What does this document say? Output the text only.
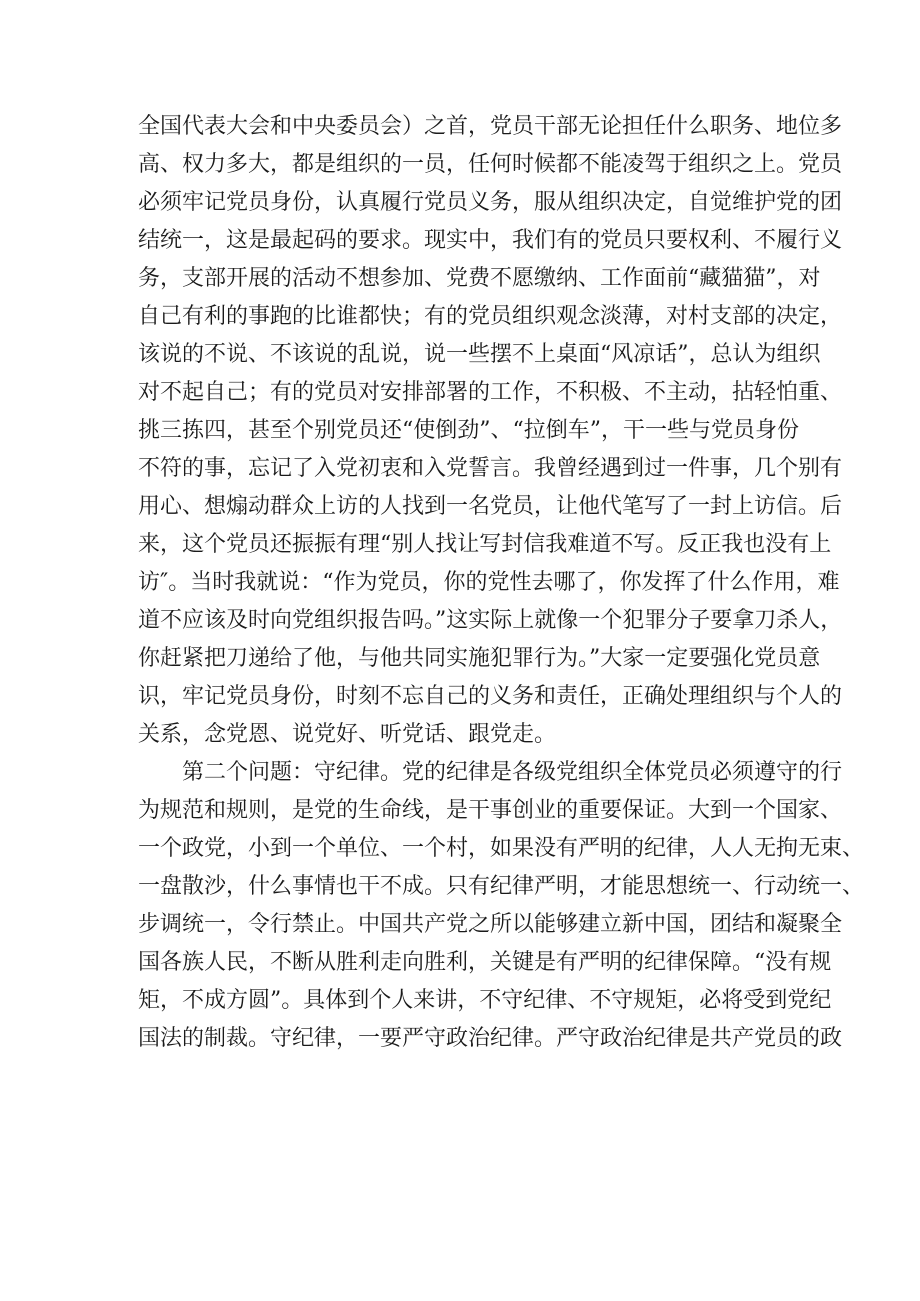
全国代表大会和中央委员会）之首，党员干部无论担任什么职务、地位多
高、权力多大，都是组织的一员，任何时候都不能凌驾于组织之上。党员
必须牢记党员身份，认真履行党员义务，服从组织决定，自觉维护党的团
结统一，这是最起码的要求。现实中，我们有的党员只要权利、不履行义
务，支部开展的活动不想参加、党费不愿缴纳、工作面前“藏猫猫”，对
自己有利的事跑的比谁都快；有的党员组织观念淡薄，对村支部的决定，
该说的不说、不该说的乱说，说一些摆不上桌面“风凉话”，总认为组织
对不起自己；有的党员对安排部署的工作，不积极、不主动，拈轻怕重、
挑三拣四，甚至个别党员还“使倒劲”、“拉倒车”，干一些与党员身份
不符的事，忘记了入党初衷和入党誓言。我曾经遇到过一件事，几个别有
用心、想煽动群众上访的人找到一名党员，让他代笔写了一封上访信。后
来，这个党员还振振有理“别人找让写封信我难道不写。反正我也没有上
访″。当时我就说：“作为党员，你的党性去哪了，你发挥了什么作用，难
道不应该及时向党组织报告吗。”这实际上就像一个犯罪分子要拿刀杀人，
你赶紧把刀递给了他，与他共同实施犯罪行为。”大家一定要强化党员意
识，牢记党员身份，时刻不忘自己的义务和责任，正确处理组织与个人的
关系，念党恩、说党好、听党话、跟党走。
第二个问题：守纪律。党的纪律是各级党组织全体党员必须遵守的行
为规范和规则，是党的生命线，是干事创业的重要保证。大到一个国家、
一个政党，小到一个单位、一个村，如果没有严明的纪律，人人无拘无束、
一盘散沙，什么事情也干不成。只有纪律严明，才能思想统一、行动统一、
步调统一，令行禁止。中国共产党之所以能够建立新中国，团结和凝聚全
国各族人民，不断从胜利走向胜利，关键是有严明的纪律保障。“没有规
矩，不成方圆”。具体到个人来讲，不守纪律、不守规矩，必将受到党纪
国法的制裁。守纪律，一要严守政治纪律。严守政治纪律是共产党员的政
